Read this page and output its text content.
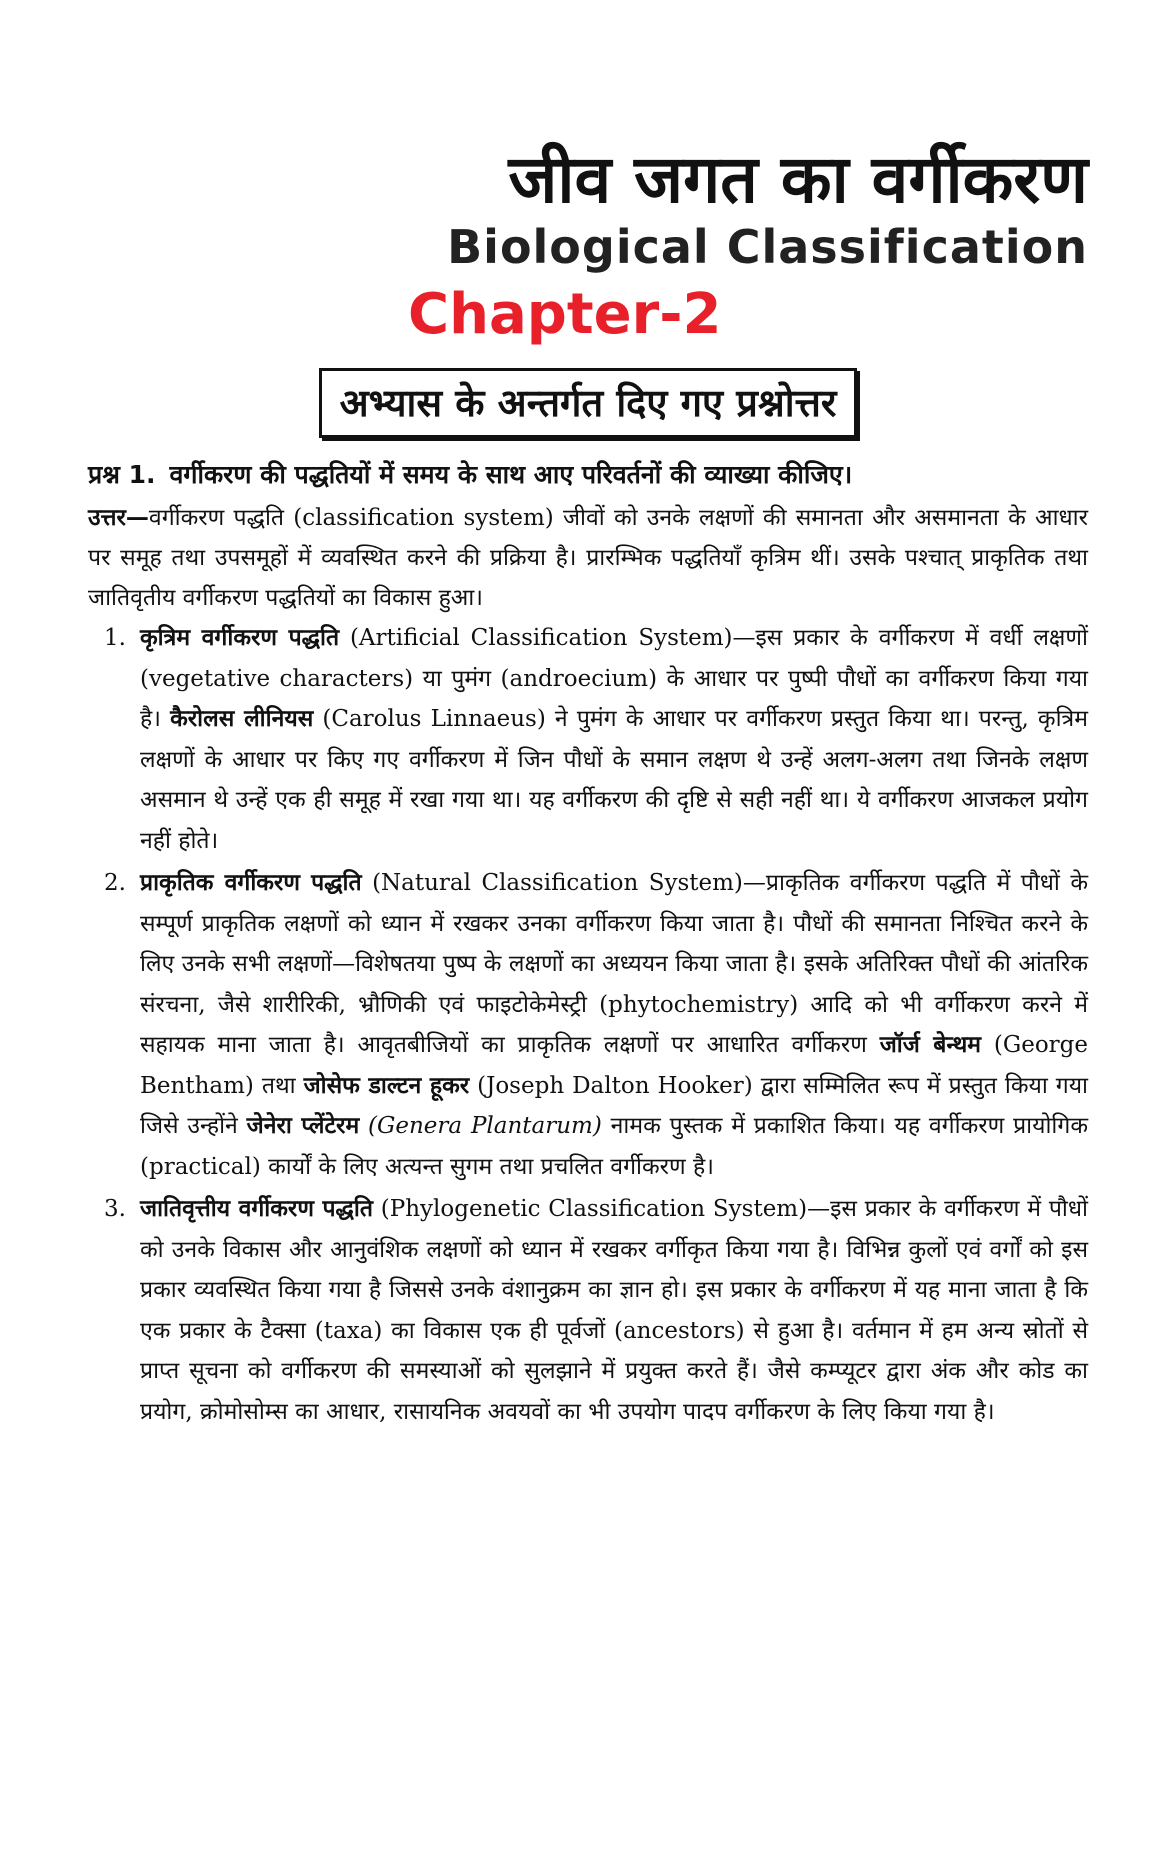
जीव जगत का वर्गीकरण
Biological Classification
Chapter-2
अभ्यास के अन्तर्गत दिए गए प्रश्नोत्तर

प्रश्न 1. वर्गीकरण की पद्धतियों में समय के साथ आए परिवर्तनों की व्याख्या कीजिए।

उत्तर—वर्गीकरण पद्धति (classification system) जीवों को उनके लक्षणों की समानता और असमानता के आधार पर समूह तथा उपसमूहों में व्यवस्थित करने की प्रक्रिया है। प्रारम्भिक पद्धतियाँ कृत्रिम थीं। उसके पश्चात् प्राकृतिक तथा जातिवृतीय वर्गीकरण पद्धतियों का विकास हुआ।

1. कृत्रिम वर्गीकरण पद्धति (Artificial Classification System)—इस प्रकार के वर्गीकरण में वर्धी लक्षणों (vegetative characters) या पुमंग (androecium) के आधार पर पुष्पी पौधों का वर्गीकरण किया गया है। कैरोलस लीनियस (Carolus Linnaeus) ने पुमंग के आधार पर वर्गीकरण प्रस्तुत किया था। परन्तु, कृत्रिम लक्षणों के आधार पर किए गए वर्गीकरण में जिन पौधों के समान लक्षण थे उन्हें अलग-अलग तथा जिनके लक्षण असमान थे उन्हें एक ही समूह में रखा गया था। यह वर्गीकरण की दृष्टि से सही नहीं था। ये वर्गीकरण आजकल प्रयोग नहीं होते।
2. प्राकृतिक वर्गीकरण पद्धति (Natural Classification System)—प्राकृतिक वर्गीकरण पद्धति में पौधों के सम्पूर्ण प्राकृतिक लक्षणों को ध्यान में रखकर उनका वर्गीकरण किया जाता है। पौधों की समानता निश्चित करने के लिए उनके सभी लक्षणों—विशेषतया पुष्प के लक्षणों का अध्ययन किया जाता है। इसके अतिरिक्त पौधों की आंतरिक संरचना, जैसे शारीरिकी, भ्रौणिकी एवं फाइटोकेमेस्ट्री (phytochemistry) आदि को भी वर्गीकरण करने में सहायक माना जाता है। आवृतबीजियों का प्राकृतिक लक्षणों पर आधारित वर्गीकरण जॉर्ज बेन्थम (George Bentham) तथा जोसेफ डाल्टन हूकर (Joseph Dalton Hooker) द्वारा सम्मिलित रूप में प्रस्तुत किया गया जिसे उन्होंने जेनेरा प्लेंटेरम (Genera Plantarum) नामक पुस्तक में प्रकाशित किया। यह वर्गीकरण प्रायोगिक (practical) कार्यों के लिए अत्यन्त सुगम तथा प्रचलित वर्गीकरण है।
3. जातिवृत्तीय वर्गीकरण पद्धति (Phylogenetic Classification System)—इस प्रकार के वर्गीकरण में पौधों को उनके विकास और आनुवंशिक लक्षणों को ध्यान में रखकर वर्गीकृत किया गया है। विभिन्न कुलों एवं वर्गों को इस प्रकार व्यवस्थित किया गया है जिससे उनके वंशानुक्रम का ज्ञान हो। इस प्रकार के वर्गीकरण में यह माना जाता है कि एक प्रकार के टैक्सा (taxa) का विकास एक ही पूर्वजों (ancestors) से हुआ है। वर्तमान में हम अन्य स्रोतों से प्राप्त सूचना को वर्गीकरण की समस्याओं को सुलझाने में प्रयुक्त करते हैं। जैसे कम्प्यूटर द्वारा अंक और कोड का प्रयोग, क्रोमोसोम्स का आधार, रासायनिक अवयवों का भी उपयोग पादप वर्गीकरण के लिए किया गया है।
